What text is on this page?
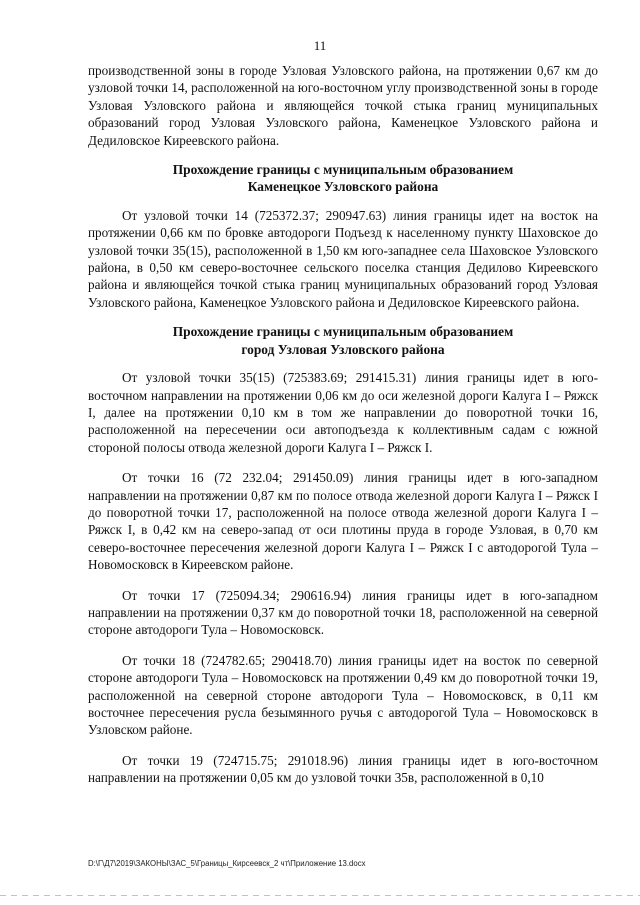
11

производственной зоны в городе Узловая Узловского района, на протяжении 0,67 км до узловой точки 14, расположенной на юго-восточном углу производственной зоны в городе Узловая Узловского района и являющейся точкой стыка границ муниципальных образований город Узловая Узловского района, Каменецкое Узловского района и Дедиловское Киреевского района.

Прохождение границы с муниципальным образованием

Каменецкое Узловского района

От узловой точки 14 (725372.37; 290947.63) линия границы идет на восток на протяжении 0,66 км по бровке автодороги Подъезд к населенному пункту Шаховское до узловой точки 35(15), расположенной в 1,50 км юго-западнее села Шаховское Узловского района, в 0,50 км северо-восточнее сельского поселка станция Дедилово Киреевского района и являющейся точкой стыка границ муниципальных образований город Узловая Узловского района, Каменецкое Узловского района и Дедиловское Киреевского района.

Прохождение границы с муниципальным образованием

город Узловая Узловского района

От узловой точки 35(15) (725383.69; 291415.31) линия границы идет в юго-восточном направлении на протяжении 0,06 км до оси железной дороги Калуга I – Ряжск I, далее на протяжении 0,10 км в том же направлении до поворотной точки 16, расположенной на пересечении оси автоподъезда к коллективным садам с южной стороной полосы отвода железной дороги Калуга I – Ряжск I.

От точки 16 (72 232.04; 291450.09) линия границы идет в юго-западном направлении на протяжении 0,87 км по полосе отвода железной дороги Калуга I – Ряжск I до поворотной точки 17, расположенной на полосе отвода железной дороги Калуга I – Ряжск I, в 0,42 км на северо-запад от оси плотины пруда в городе Узловая, в 0,70 км северо-восточнее пересечения железной дороги Калуга I – Ряжск I с автодорогой Тула – Новомосковск в Киреевском районе.

От точки 17 (725094.34; 290616.94) линия границы идет в юго-западном направлении на протяжении 0,37 км до поворотной точки 18, расположенной на северной стороне автодороги Тула – Новомосковск.

От точки 18 (724782.65; 290418.70) линия границы идет на восток по северной стороне автодороги Тула – Новомосковск на протяжении 0,49 км до поворотной точки 19, расположенной на северной стороне автодороги Тула – Новомосковск, в 0,11 км восточнее пересечения русла безымянного ручья с автодорогой Тула – Новомосковск в Узловском районе.

От точки 19 (724715.75; 291018.96) линия границы идет в юго-восточном направлении на протяжении 0,05 км до узловой точки 35в, расположенной в 0,10

D:\Г\Д7\2019\ЗАКОНЫ\ЗАС_5\Границы_Кирсеевск_2 чт\Приложение 13.docx
